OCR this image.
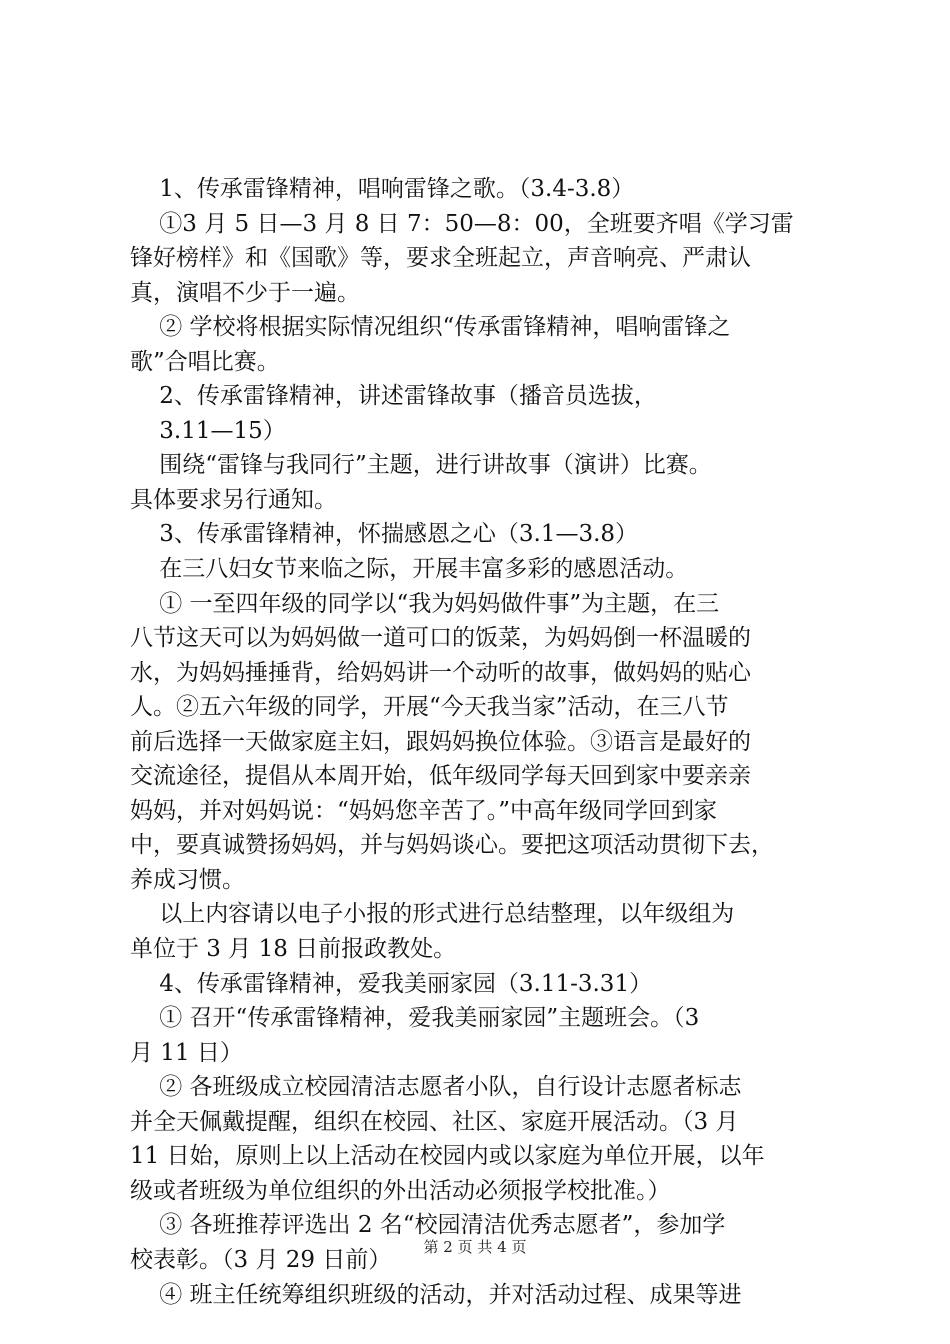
1、传承雷锋精神，唱响雷锋之歌。（3.4-3.8）
①3 月 5 日—3 月 8 日 7：50—8：00，全班要齐唱《学习雷
锋好榜样》和《国歌》等，要求全班起立，声音响亮、严肃认
真，演唱不少于一遍。
② 学校将根据实际情况组织“传承雷锋精神，唱响雷锋之
歌”合唱比赛。
2、传承雷锋精神，讲述雷锋故事（播音员选拔，
3.11—15）
围绕“雷锋与我同行”主题，进行讲故事（演讲）比赛。
具体要求另行通知。
3、传承雷锋精神，怀揣感恩之心（3.1—3.8）
在三八妇女节来临之际，开展丰富多彩的感恩活动。
① 一至四年级的同学以“我为妈妈做件事”为主题，在三
八节这天可以为妈妈做一道可口的饭菜，为妈妈倒一杯温暖的
水，为妈妈捶捶背，给妈妈讲一个动听的故事，做妈妈的贴心
人。②五六年级的同学，开展“今天我当家”活动，在三八节
前后选择一天做家庭主妇，跟妈妈换位体验。③语言是最好的
交流途径，提倡从本周开始，低年级同学每天回到家中要亲亲
妈妈，并对妈妈说：“妈妈您辛苦了。”中高年级同学回到家
中，要真诚赞扬妈妈，并与妈妈谈心。要把这项活动贯彻下去，
养成习惯。
以上内容请以电子小报的形式进行总结整理，以年级组为
单位于 3 月 18 日前报政教处。
4、传承雷锋精神，爱我美丽家园（3.11-3.31）
① 召开“传承雷锋精神，爱我美丽家园”主题班会。（3
月 11 日）
② 各班级成立校园清洁志愿者小队，自行设计志愿者标志
并全天佩戴提醒，组织在校园、社区、家庭开展活动。（3 月
11 日始，原则上以上活动在校园内或以家庭为单位开展，以年
级或者班级为单位组织的外出活动必须报学校批准。）
③ 各班推荐评选出 2 名“校园清洁优秀志愿者”，参加学
校表彰。（3 月 29 日前）
④ 班主任统筹组织班级的活动，并对活动过程、成果等进
第 2 页 共 4 页
